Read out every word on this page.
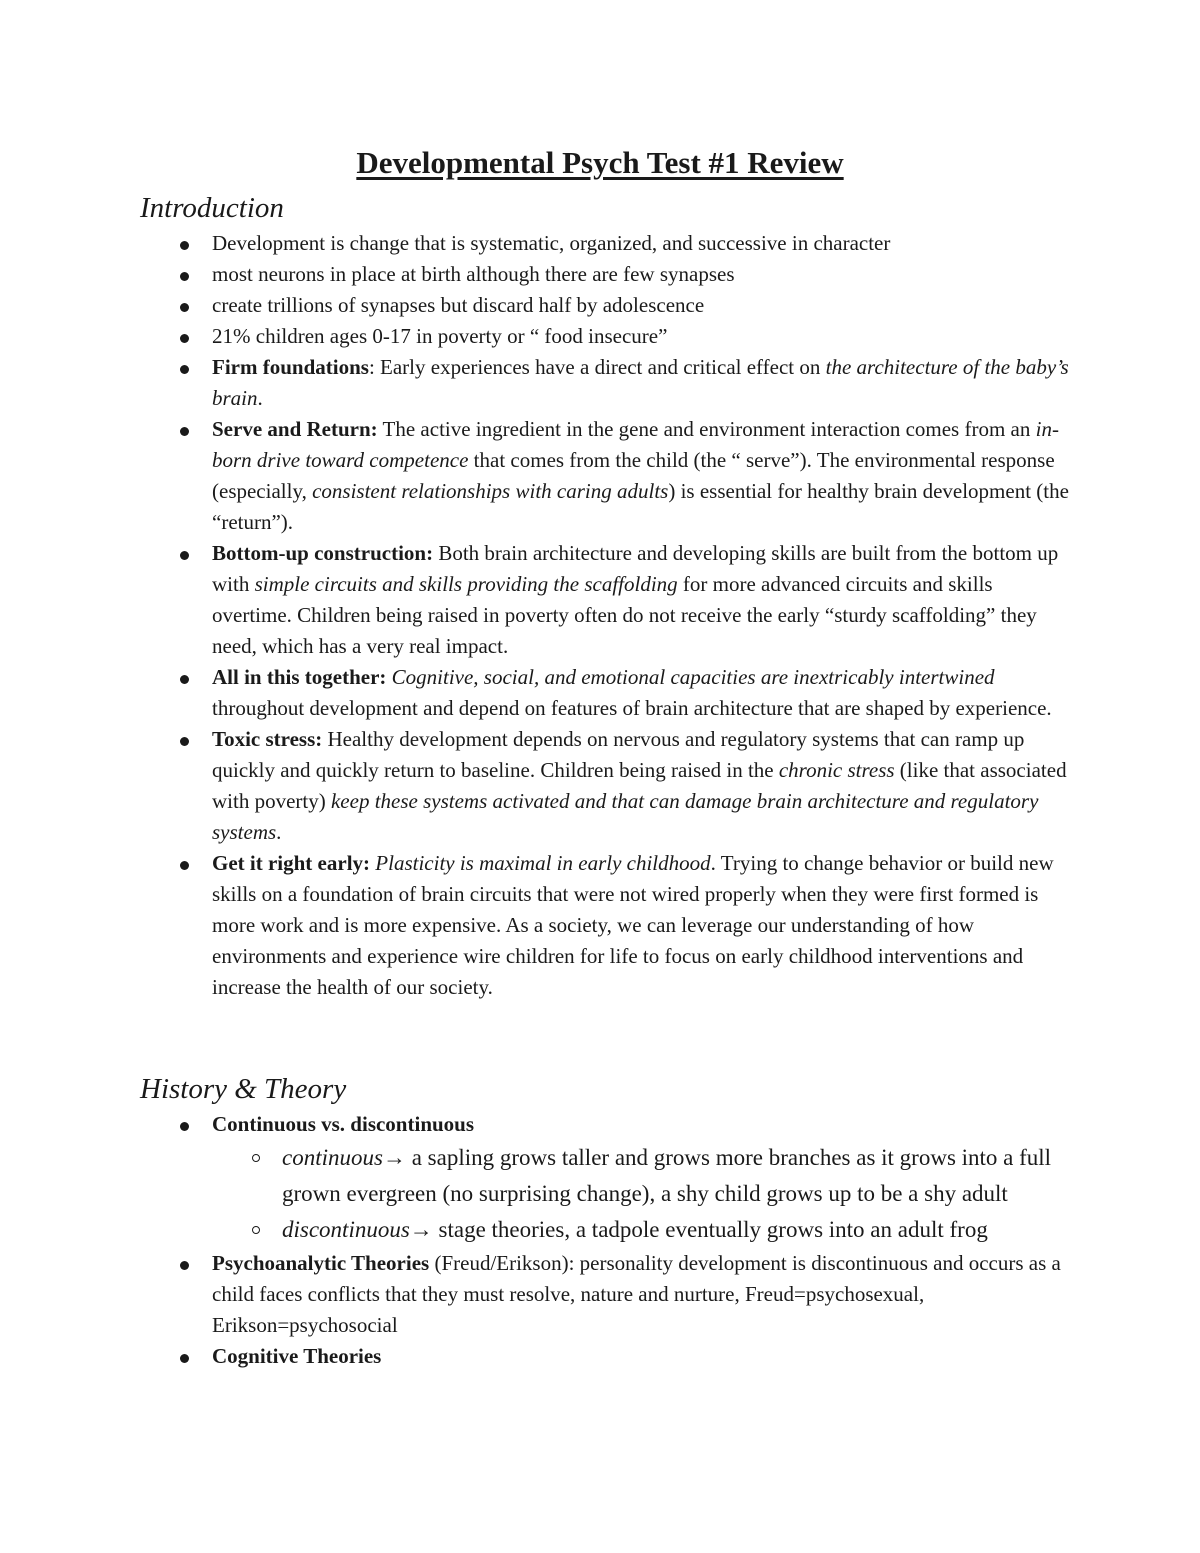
Developmental Psych Test #1 Review
Introduction
Development is change that is systematic, organized, and successive in character
most neurons in place at birth although there are few synapses
create trillions of synapses but discard half by adolescence
21% children ages 0-17 in poverty or “ food insecure”
Firm foundations: Early experiences have a direct and critical effect on the architecture of the baby’s brain.
Serve and Return: The active ingredient in the gene and environment interaction comes from an in-born drive toward competence that comes from the child (the “ serve”). The environmental response (especially, consistent relationships with caring adults) is essential for healthy brain development (the “return”).
Bottom-up construction: Both brain architecture and developing skills are built from the bottom up with simple circuits and skills providing the scaffolding for more advanced circuits and skills overtime. Children being raised in poverty often do not receive the early “sturdy scaffolding” they need, which has a very real impact.
All in this together: Cognitive, social, and emotional capacities are inextricably intertwined throughout development and depend on features of brain architecture that are shaped by experience.
Toxic stress: Healthy development depends on nervous and regulatory systems that can ramp up quickly and quickly return to baseline. Children being raised in the chronic stress (like that associated with poverty) keep these systems activated and that can damage brain architecture and regulatory systems.
Get it right early: Plasticity is maximal in early childhood. Trying to change behavior or build new skills on a foundation of brain circuits that were not wired properly when they were first formed is more work and is more expensive. As a society, we can leverage our understanding of how environments and experience wire children for life to focus on early childhood interventions and increase the health of our society.
History & Theory
Continuous vs. discontinuous
continuous→ a sapling grows taller and grows more branches as it grows into a full grown evergreen (no surprising change), a shy child grows up to be a shy adult
discontinuous→ stage theories, a tadpole eventually grows into an adult frog
Psychoanalytic Theories (Freud/Erikson): personality development is discontinuous and occurs as a child faces conflicts that they must resolve, nature and nurture, Freud=psychosexual, Erikson=psychosocial
Cognitive Theories
